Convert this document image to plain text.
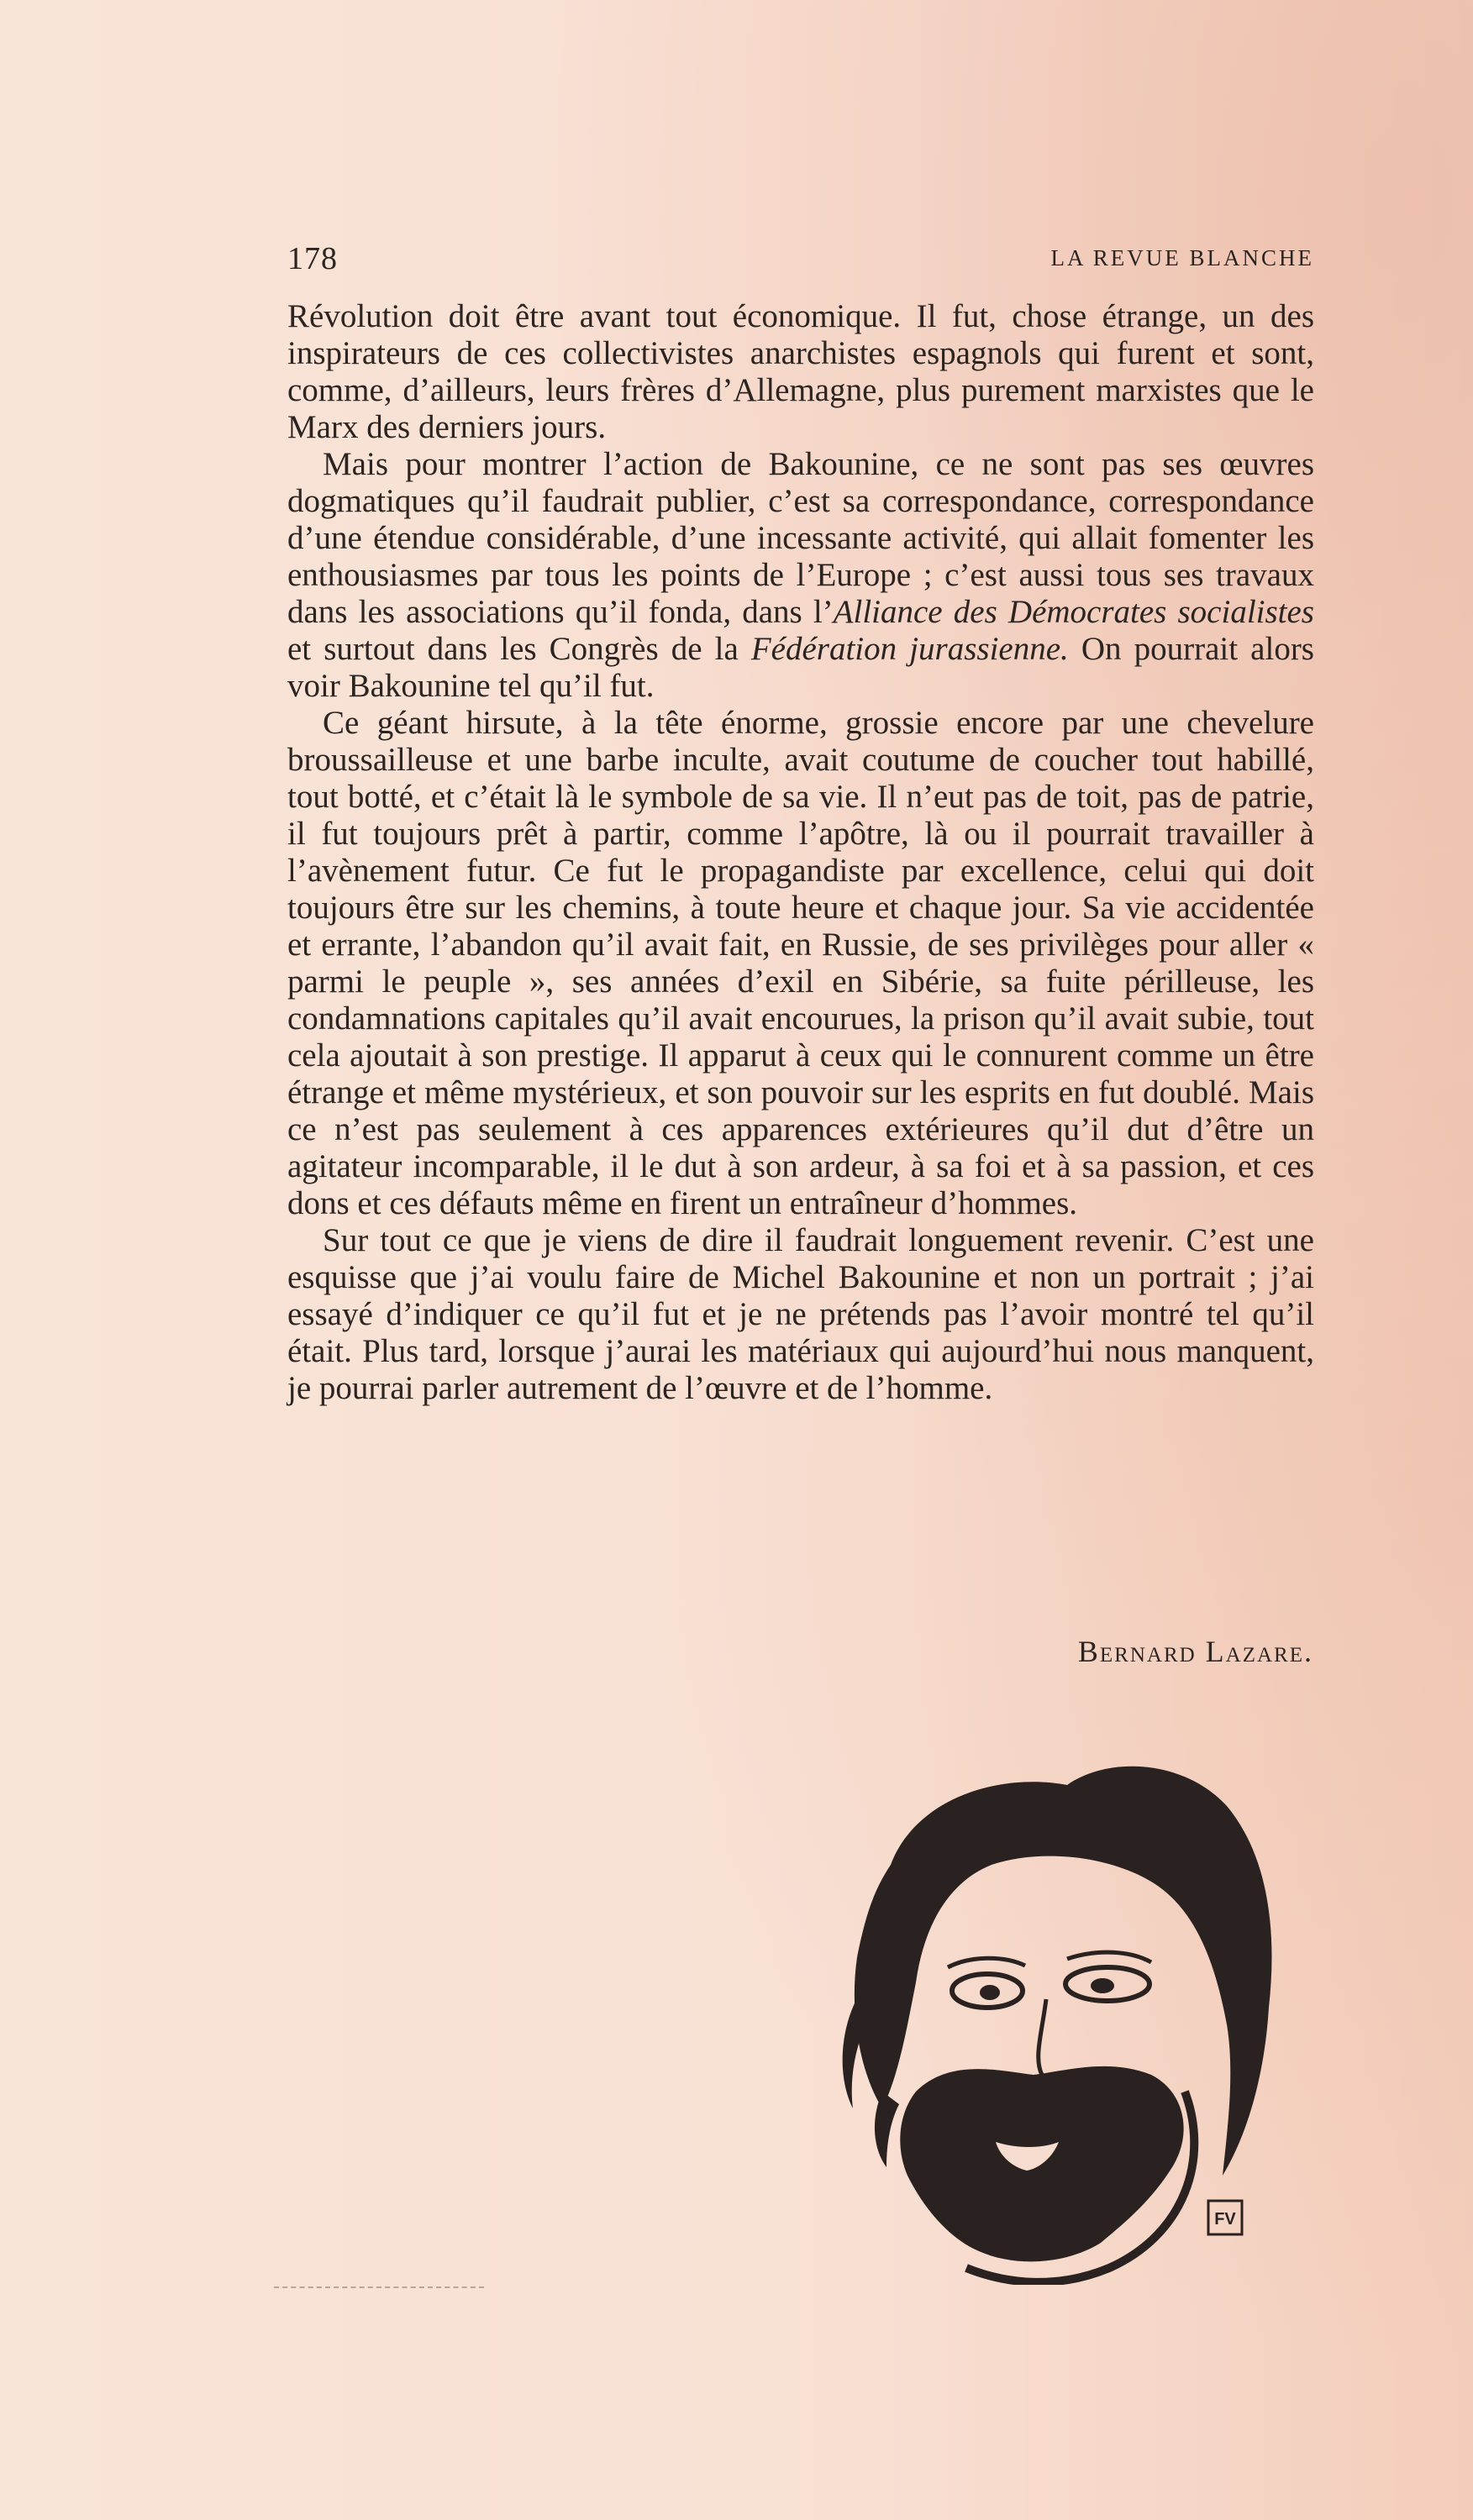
178	LA REVUE BLANCHE

Révolution doit être avant tout économique. Il fut, chose étrange, un des inspirateurs de ces collectivistes anarchistes espagnols qui furent et sont, comme, d’ailleurs, leurs frères d’Allemagne, plus purement marxistes que le Marx des derniers jours.

Mais pour montrer l’action de Bakounine, ce ne sont pas ses œuvres dogmatiques qu’il faudrait publier, c’est sa correspondance, correspondance d’une étendue considérable, d’une incessante activité, qui allait fomenter les enthousiasmes par tous les points de l’Europe ; c’est aussi tous ses travaux dans les associations qu’il fonda, dans l’Alliance des Démocrates socialistes et surtout dans les Congrès de la Fédération jurassienne. On pourrait alors voir Bakounine tel qu’il fut.

Ce géant hirsute, à la tête énorme, grossie encore par une chevelure broussailleuse et une barbe inculte, avait coutume de coucher tout habillé, tout botté, et c’était là le symbole de sa vie. Il n’eut pas de toit, pas de patrie, il fut toujours prêt à partir, comme l’apôtre, là ou il pourrait travailler à l’avènement futur. Ce fut le propagandiste par excellence, celui qui doit toujours être sur les chemins, à toute heure et chaque jour. Sa vie accidentée et errante, l’abandon qu’il avait fait, en Russie, de ses privilèges pour aller « parmi le peuple », ses années d’exil en Sibérie, sa fuite périlleuse, les condamnations capitales qu’il avait encourues, la prison qu’il avait subie, tout cela ajoutait à son prestige. Il apparut à ceux qui le connurent comme un être étrange et même mystérieux, et son pouvoir sur les esprits en fut doublé. Mais ce n’est pas seulement à ces apparences extérieures qu’il dut d’être un agitateur incomparable, il le dut à son ardeur, à sa foi et à sa passion, et ces dons et ces défauts même en firent un entraîneur d’hommes.

Sur tout ce que je viens de dire il faudrait longuement revenir. C’est une esquisse que j’ai voulu faire de Michel Bakounine et non un portrait ; j’ai essayé d’indiquer ce qu’il fut et je ne prétends pas l’avoir montré tel qu’il était. Plus tard, lorsque j’aurai les matériaux qui aujourd’hui nous manquent, je pourrai parler autrement de l’œuvre et de l’homme.

Bernard Lazare.
FV
